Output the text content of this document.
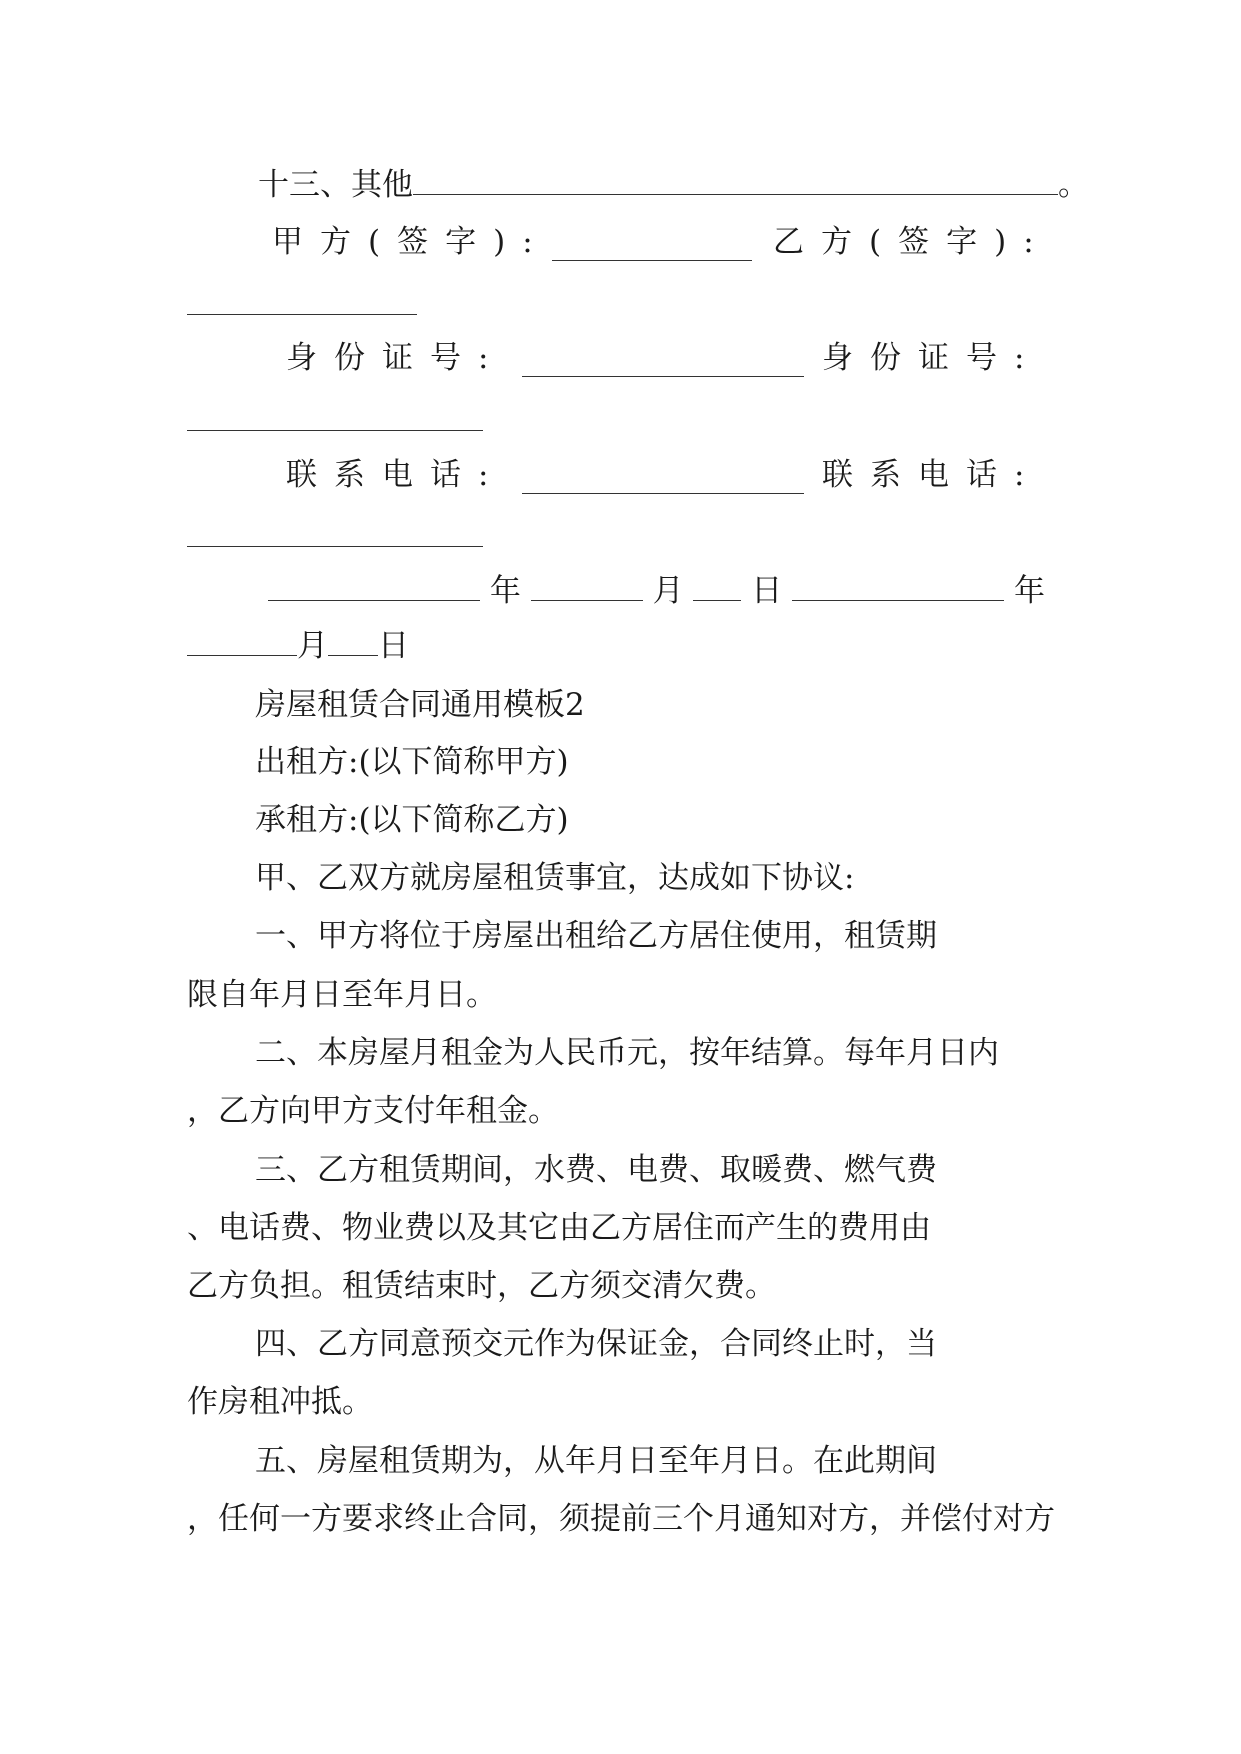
十三、其他	。
甲方(签字):	乙方(签字):
身份证号:	身份证号:
联系电话:	联系电话:
年	月 日	年
月 日
房屋租赁合同通用模板2
出租方:(以下简称甲方)
承租方:(以下简称乙方)
甲、乙双方就房屋租赁事宜，达成如下协议:
一、甲方将位于房屋出租给乙方居住使用，租赁期
限自年月日至年月日。
二、本房屋月租金为人民币元，按年结算。每年月日内
，乙方向甲方支付年租金。
三、乙方租赁期间，水费、电费、取暖费、燃气费
、电话费、物业费以及其它由乙方居住而产生的费用由
乙方负担。租赁结束时，乙方须交清欠费。
四、乙方同意预交元作为保证金，合同终止时，当
作房租冲抵。
五、房屋租赁期为，从年月日至年月日。在此期间
，任何一方要求终止合同，须提前三个月通知对方，并偿付对方
